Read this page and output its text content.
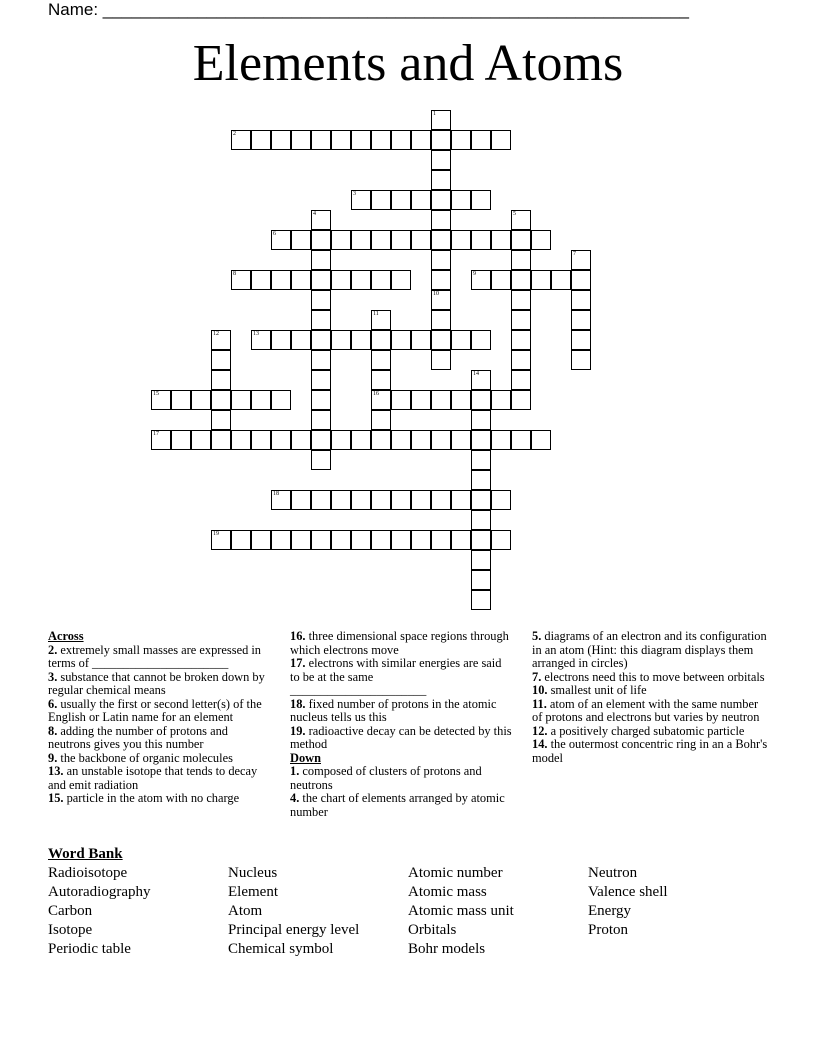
Name: ______________________________________________________________
Elements and Atoms
1
10
2
3
4	5
6
7
8	9
11
16
12	13
14
15
17
18
19
Across
2. extremely small masses are expressed in terms of ______________________
3. substance that cannot be broken down by regular chemical means
6. usually the first or second letter(s) of the English or Latin name for an element
8. adding the number of protons and neutrons gives you this number
9. the backbone of organic molecules
13. an unstable isotope that tends to decay and emit radiation
15. particle in the atom with no charge
16. three dimensional space regions through which electrons move
17. electrons with similar energies are said to be at the same ______________________
18. fixed number of protons in the atomic nucleus tells us this
19. radioactive decay can be detected by this method
Down
1. composed of clusters of protons and neutrons
4. the chart of elements arranged by atomic number
5. diagrams of an electron and its configuration in an atom (Hint: this diagram displays them arranged in circles)
7. electrons need this to move between orbitals
10. smallest unit of life
11. atom of an element with the same number of protons and electrons but varies by neutron
12. a positively charged subatomic particle
14. the outermost concentric ring in an a Bohr's model
Word Bank
Radioisotope
Autoradiography
Carbon
Isotope
Periodic table
Nucleus
Element
Atom
Principal energy level
Chemical symbol
Atomic number
Atomic mass
Atomic mass unit
Orbitals
Bohr models
Neutron
Valence shell
Energy
Proton
